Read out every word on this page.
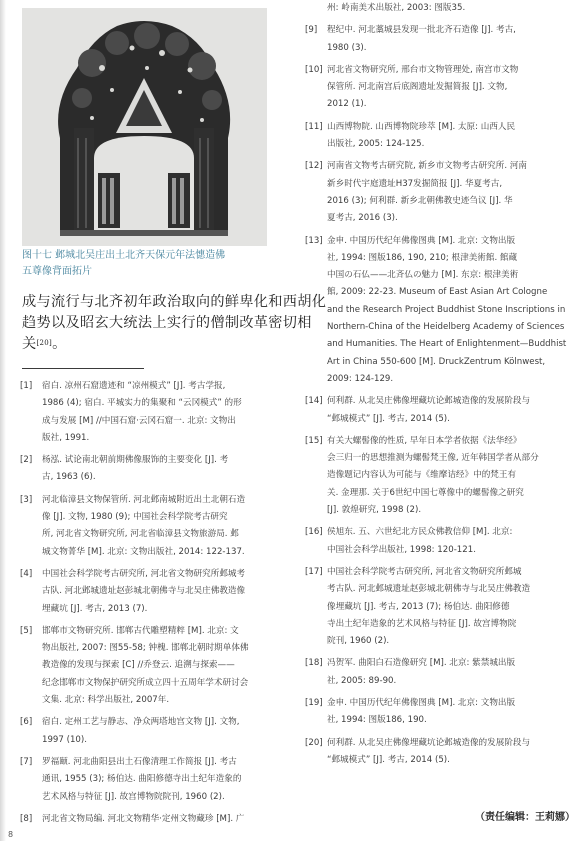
图十七 邺城北吴庄出土北齐天保元年法憓造佛
五尊像背面拓片
成与流行与北齐初年政治取向的鲜卑化和西胡化
趋势以及昭玄大统法上实行的僧制改革密切相
关[20]。
[1]	宿白. 凉州石窟遗迹和 “凉州模式” [J]. 考古学报,
1986 (4); 宿白. 平城实力的集聚和 “云冈模式” 的形
成与发展 [M] //中国石窟·云冈石窟一. 北京: 文物出
版社, 1991.
[2]	杨泓. 试论南北朝前期佛像服饰的主要变化 [J]. 考
古, 1963 (6).
[3]	河北临漳县文物保管所. 河北邺南城附近出土北朝石造
像 [J]. 文物, 1980 (9); 中国社会科学院考古研究
所, 河北省文物研究所, 河北省临漳县文物旅游局. 邺
城文物菁华 [M]. 北京: 文物出版社, 2014: 122-137.
[4]	中国社会科学院考古研究所, 河北省文物研究所邺城考
古队. 河北邺城遗址赵彭城北朝佛寺与北吴庄佛教造像
埋藏坑 [J]. 考古, 2013 (7).
[5]	邯郸市文物研究所. 邯郸古代雕塑精粹 [M]. 北京: 文
物出版社, 2007: 图55-58; 钟槐. 邯郸北朝时期单体佛
教造像的发现与探索 [C] //乔登云. 追溯与探索——
纪念邯郸市文物保护研究所成立四十五周年学术研讨会
文集. 北京: 科学出版社, 2007年.
[6]	宿白. 定州工艺与静志、净众两塔地宫文物 [J]. 文物,
1997 (10).
[7]	罗福颐. 河北曲阳县出土石像清理工作简报 [J]. 考古
通讯, 1955 (3); 杨伯达. 曲阳修德寺出土纪年造象的
艺术风格与特征 [J]. 故宫博物院院刊, 1960 (2).
[8]	河北省文物局编. 河北文物精华·定州文物藏珍 [M]. 广
州: 岭南美术出版社, 2003: 图版35.
[9]	程纪中. 河北藁城县发现一批北齐石造像 [J]. 考古,
1980 (3).
[10] 河北省文物研究所, 邢台市文物管理处, 南宫市文物
保管所. 河北南宫后底阁遗址发掘简报 [J]. 文物,
2012 (1).
[11] 山西博物院. 山西博物院珍萃 [M]. 太原: 山西人民
出版社, 2005: 124-125.
[12] 河南省文物考古研究院, 新乡市文物考古研究所. 河南
新乡时代宇庭遗址H37发掘简报 [J]. 华夏考古,
2016 (3); 何利群. 新乡北朝佛教史迹刍议 [J]. 华
夏考古, 2016 (3).
[13] 金申. 中国历代纪年佛像图典 [M]. 北京: 文物出版
社, 1994: 图版186, 190, 210; 根津美術館. 館蔵
中国の石仏——北斉仏の魅力 [M]. 东京: 根津美術
館, 2009: 22-23. Museum of East Asian Art Cologne
and the Research Project Buddhist Stone Inscriptions in
Northern-China of the Heidelberg Academy of Sciences
and Humanities. The Heart of Enlightenment—Buddhist
Art in China 550-600 [M]. DruckZentrum Kölnwest,
2009: 124-129.
[14] 何利群. 从北吴庄佛像埋藏坑论邺城造像的发展阶段与
“邺城模式” [J]. 考古, 2014 (5).
[15] 有关大螺髻像的性质, 早年日本学者依据《法华经》
会三归一的思想推测为螺髻梵王像, 近年韩国学者从部分
造像题记内容认为可能与《维摩诘经》中的梵王有
关. 金理那. 关于6世纪中国七尊像中的螺髻像之研究
[J]. 敦煌研究, 1998 (2).
[16] 侯旭东. 五、六世纪北方民众佛教信仰 [M]. 北京:
中国社会科学出版社, 1998: 120-121.
[17] 中国社会科学院考古研究所, 河北省文物研究所邺城
考古队. 河北邺城遗址赵彭城北朝佛寺与北吴庄佛教造
像埋藏坑 [J]. 考古, 2013 (7); 杨伯达. 曲阳修德
寺出土纪年造象的艺术风格与特征 [J]. 故宫博物院
院刊, 1960 (2).
[18] 冯贺军. 曲阳白石造像研究 [M]. 北京: 紫禁城出版
社, 2005: 89-90.
[19] 金申. 中国历代纪年佛像图典 [M]. 北京: 文物出版
社, 1994: 图版186, 190.
[20] 何利群. 从北吴庄佛像埋藏坑论邺城造像的发展阶段与
“邺城模式” [J]. 考古, 2014 (5).
（责任编辑：王莉娜）
8
